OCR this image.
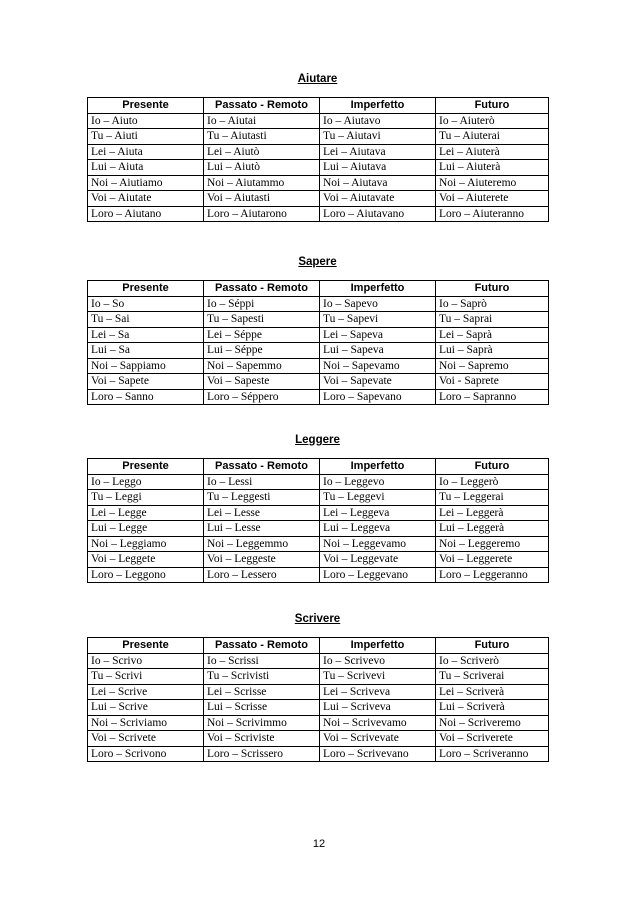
Aiutare
Presente	Passato - Remoto	Imperfetto	Futuro
Io – Aiuto	Io – Aiutai	Io – Aiutavo	Io – Aiuterò
Tu – Aiuti	Tu – Aiutasti	Tu – Aiutavi	Tu – Aiuterai
Lei – Aiuta	Lei – Aiutò	Lei – Aiutava	Lei – Aiuterà
Lui – Aiuta	Lui – Aiutò	Lui – Aiutava	Lui – Aiuterà
Noi – Aiutiamo	Noi – Aiutammo	Noi – Aiutava	Noi – Aiuteremo
Voi – Aiutate	Voi – Aiutasti	Voi – Aiutavate	Voi – Aiuterete
Loro – Aiutano	Loro – Aiutarono	Loro – Aiutavano	Loro – Aiuteranno
Sapere
Presente	Passato - Remoto	Imperfetto	Futuro
Io – So	Io – Séppi	Io – Sapevo	Io – Saprò
Tu – Sai	Tu – Sapesti	Tu – Sapevi	Tu – Saprai
Lei – Sa	Lei – Séppe	Lei – Sapeva	Lei – Saprà
Lui – Sa	Lui – Séppe	Lui – Sapeva	Lui – Saprà
Noi – Sappiamo	Noi – Sapemmo	Noi – Sapevamo	Noi – Sapremo
Voi – Sapete	Voi – Sapeste	Voi – Sapevate	Voi - Saprete
Loro – Sanno	Loro – Séppero	Loro – Sapevano	Loro – Sapranno
Leggere
Presente	Passato - Remoto	Imperfetto	Futuro
Io – Leggo	Io – Lessi	Io – Leggevo	Io – Leggerò
Tu – Leggi	Tu – Leggesti	Tu – Leggevi	Tu – Leggerai
Lei – Legge	Lei – Lesse	Lei – Leggeva	Lei – Leggerà
Lui – Legge	Lui – Lesse	Lui – Leggeva	Lui – Leggerà
Noi – Leggiamo	Noi – Leggemmo	Noi – Leggevamo	Noi – Leggeremo
Voi – Leggete	Voi – Leggeste	Voi – Leggevate	Voi – Leggerete
Loro – Leggono	Loro – Lessero	Loro – Leggevano	Loro – Leggeranno
Scrivere
Presente	Passato - Remoto	Imperfetto	Futuro
Io – Scrivo	Io – Scrissi	Io – Scrivevo	Io – Scriverò
Tu – Scrivi	Tu – Scrivisti	Tu – Scrivevi	Tu – Scriverai
Lei – Scrive	Lei – Scrisse	Lei – Scriveva	Lei – Scriverà
Lui – Scrive	Lui – Scrisse	Lui – Scriveva	Lui – Scriverà
Noi – Scriviamo	Noi – Scrivimmo	Noi – Scrivevamo	Noi – Scriveremo
Voi – Scrivete	Voi – Scriviste	Voi – Scrivevate	Voi – Scriverete
Loro – Scrivono	Loro – Scrissero	Loro – Scrivevano	Loro – Scriveranno
12
